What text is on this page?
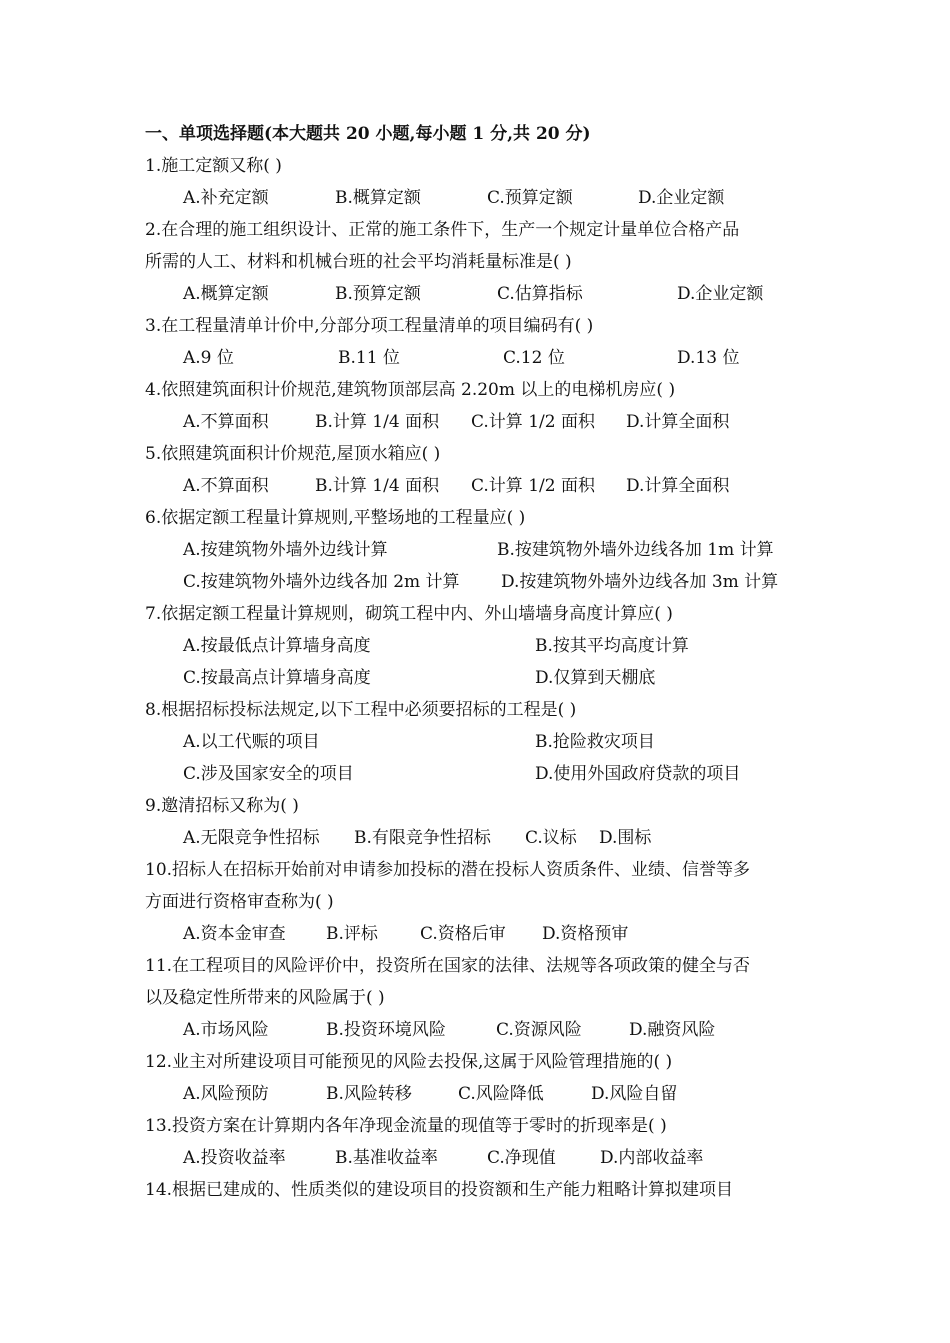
一、单项选择题(本大题共 20 小题,每小题 1 分,共 20 分)
1.施工定额又称( )
A.补充定额	B.概算定额	C.预算定额	D.企业定额
2.在合理的施工组织设计、正常的施工条件下，生产一个规定计量单位合格产品
所需的人工、材料和机械台班的社会平均消耗量标准是( )
A.概算定额	B.预算定额	C.估算指标	D.企业定额
3.在工程量清单计价中,分部分项工程量清单的项目编码有( )
A.9 位	B.11 位	C.12 位	D.13 位
4.依照建筑面积计价规范,建筑物顶部层高 2.20m 以上的电梯机房应( )
A.不算面积	B.计算 1/4 面积 C.计算 1/2 面积 D.计算全面积
5.依照建筑面积计价规范,屋顶水箱应( )
A.不算面积	B.计算 1/4 面积 C.计算 1/2 面积 D.计算全面积
6.依据定额工程量计算规则,平整场地的工程量应( )
A.按建筑物外墙外边线计算	B.按建筑物外墙外边线各加 1m 计算
C.按建筑物外墙外边线各加 2m 计算 D.按建筑物外墙外边线各加 3m 计算
7.依据定额工程量计算规则，砌筑工程中内、外山墙墙身高度计算应( )
A.按最低点计算墙身高度	B.按其平均高度计算
C.按最高点计算墙身高度	D.仅算到天棚底
8.根据招标投标法规定,以下工程中必须要招标的工程是( )
A.以工代赈的项目	B.抢险救灾项目
C.涉及国家安全的项目	D.使用外国政府贷款的项目
9.邀清招标又称为( )
A.无限竞争性招标 B.有限竞争性招标 C.议标 D.围标
10.招标人在招标开始前对申请参加投标的潜在投标人资质条件、业绩、信誉等多
方面进行资格审查称为( )
A.资本金审查 B.评标 C.资格后审 D.资格预审
11.在工程项目的风险评价中，投资所在国家的法律、法规等各项政策的健全与否
以及稳定性所带来的风险属于( )
A.市场风险	B.投资环境风险	C.资源风险	D.融资风险
12.业主对所建设项目可能预见的风险去投保,这属于风险管理措施的( )
A.风险预防	B.风险转移	C.风险降低	D.风险自留
13.投资方案在计算期内各年净现金流量的现值等于零时的折现率是( )
A.投资收益率	B.基准收益率	C.净现值	D.内部收益率
14.根据已建成的、性质类似的建设项目的投资额和生产能力粗略计算拟建项目
